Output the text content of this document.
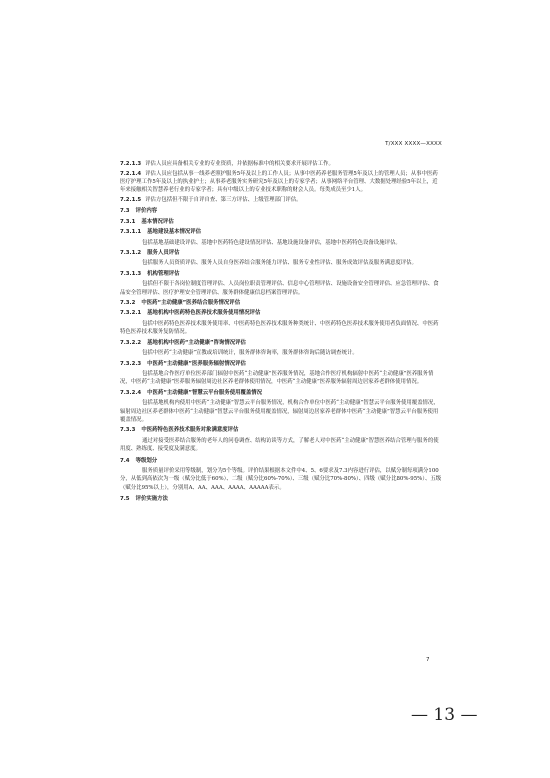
T/XXX XXXX—XXXX

7.2.1.3 评估人员应具备相关专业的专业资质，并依据标准中的相关要求开展评估工作。

7.2.1.4 评估人员应包括从事一线养老照护服务5年及以上的工作人员；从事中医药养老服务管理5年及以上的管理人员；从事中医药医疗护理工作5年及以上的执业护士；从事养老服务实务研究5年及以上的专家学者；从事网络平台管理、大数据处理经验5年以上，近年来接触相关智慧养老行业的专家学者；具有中级以上的专业技术职称的财会人员。每类成员至少1人。

7.2.1.5 评估方包括但不限于自评自查、第三方评估、上级管理部门评估。

7.3 评价内容

7.3.1 基本情况评估

7.3.1.1 基地建设基本情况评估

包括基地基础建设评估、基地中医药特色建设情况评估、基地设施设备评估，基地中医药特色设备设施评估。

7.3.1.2 服务人员评估

包括服务人员资质评估、服务人员自身医养结合服务能力评估、服务专业性评估、服务成效评估及服务满意度评估。

7.3.1.3 机构管理评估

包括但不限于各岗位制度管理评估、人员岗位职责管理评估、信息中心管理评估、设施设备安全管理评估、应急管理评估、食品安全管理评估、医疗护理安全管理评估、服务群体健康信息档案管理评估。

7.3.2 中医药“主动健康”医养结合服务情况评估

7.3.2.1 基地机构中医药特色医养技术服务使用情况评估

包括中医药特色医养技术服务使用率、中医药特色医养技术服务种类统计、中医药特色医养技术服务使用者负面情况、中医药特色医养技术服务复防情况。

7.3.2.2 基地机构中医药“主动健康”咨询情况评估

包括中医药“主动健康”宣教或培训统计，服务群体咨询率，服务群体咨询后随访调查统计。

7.3.2.3 中医药“主动健康”医养服务辐射情况评估

包括基地合作医疗单位医养部门辐射中医药“主动健康”医养服务情况，基地合作医疗机构辐射中医药“主动健康”医养服务情况，中医药“主动健康”医养服务辐射周边社区养老群体使用情况，中医药“主动健康”医养服务辐射周边居家养老群体使用情况。

7.3.2.4 中医药“主动健康”智慧云平台服务使用覆盖情况

包括基地机构内使用中医药“主动健康”智慧云平台服务情况，机构合作单位中医药“主动健康”智慧云平台服务使用覆盖情况，辐射周边社区养老群体中医药“主动健康”智慧云平台服务使用覆盖情况，辐射周边居家养老群体中医药“主动健康”智慧云平台服务使用覆盖情况。

7.3.3 中医药特色医养技术服务对象满意度评估

通过对接受医养结合服务的老年人的问卷调查、结构访谈等方式，了解老人对中医药“主动健康”智慧医养结合管理与服务的使用度、熟练度、接受度及满意度。

7.4 等级划分

服务质量评价采用等级制，划分为5个等级。评价结果根据本文件中4、5、6要求及7.3内容进行评估，以赋分制每项满分100分，从低到高依次为一级（赋分比低于60%）、二级（赋分比60%-70%）、三级（赋分比70%-80%）、四级（赋分比80%-95%）、五级（赋分比95%以上），分别用A、AA、AAA、AAAA、AAAAA表示。

7.5 评价实施方法

7
— 13 —
